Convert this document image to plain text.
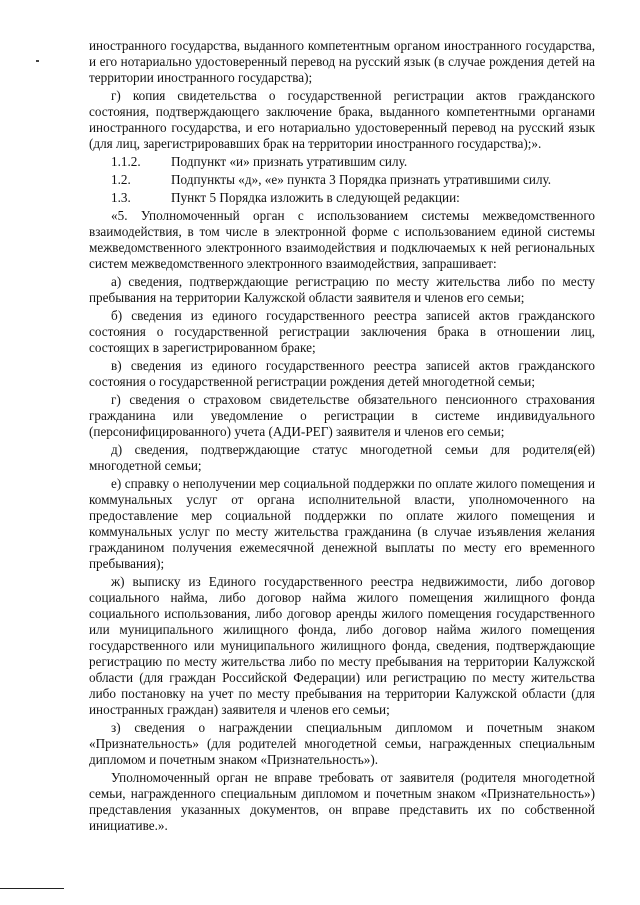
иностранного государства, выданного компетентным органом иностранного государства, и его нотариально удостоверенный перевод на русский язык (в случае рождения детей на территории иностранного государства);

г) копия свидетельства о государственной регистрации актов гражданского состояния, подтверждающего заключение брака, выданного компетентными органами иностранного государства, и его нотариально удостоверенный перевод на русский язык (для лиц, зарегистрировавших брак на территории иностранного государства);».

1.1.2.	Подпункт «и» признать утратившим силу.
1.2.	Подпункты «д», «е» пункта 3 Порядка признать утратившими силу.
1.3.	Пункт 5 Порядка изложить в следующей редакции:

«5. Уполномоченный орган с использованием системы межведомственного взаимодействия, в том числе в электронной форме с использованием единой системы межведомственного электронного взаимодействия и подключаемых к ней региональных систем межведомственного электронного взаимодействия, запрашивает:

а) сведения, подтверждающие регистрацию по месту жительства либо по месту пребывания на территории Калужской области заявителя и членов его семьи;

б) сведения из единого государственного реестра записей актов гражданского состояния о государственной регистрации заключения брака в отношении лиц, состоящих в зарегистрированном браке;

в) сведения из единого государственного реестра записей актов гражданского состояния о государственной регистрации рождения детей многодетной семьи;

г) сведения о страховом свидетельстве обязательного пенсионного страхования гражданина или уведомление о регистрации в системе индивидуального (персонифицированного) учета (АДИ-РЕГ) заявителя и членов его семьи;

д) сведения, подтверждающие статус многодетной семьи для родителя(ей) многодетной семьи;

е) справку о неполучении мер социальной поддержки по оплате жилого помещения и коммунальных услуг от органа исполнительной власти, уполномоченного на предоставление мер социальной поддержки по оплате жилого помещения и коммунальных услуг по месту жительства гражданина (в случае изъявления желания гражданином получения ежемесячной денежной выплаты по месту его временного пребывания);

ж) выписку из Единого государственного реестра недвижимости, либо договор социального найма, либо договор найма жилого помещения жилищного фонда социального использования, либо договор аренды жилого помещения государственного или муниципального жилищного фонда, либо договор найма жилого помещения государственного или муниципального жилищного фонда, сведения, подтверждающие регистрацию по месту жительства либо по месту пребывания на территории Калужской области (для граждан Российской Федерации) или регистрацию по месту жительства либо постановку на учет по месту пребывания на территории Калужской области (для иностранных граждан) заявителя и членов его семьи;

з) сведения о награждении специальным дипломом и почетным знаком «Признательность» (для родителей многодетной семьи, награжденных специальным дипломом и почетным знаком «Признательность»).

Уполномоченный орган не вправе требовать от заявителя (родителя многодетной семьи, награжденного специальным дипломом и почетным знаком «Признательность») представления указанных документов, он вправе представить их по собственной инициативе.».
